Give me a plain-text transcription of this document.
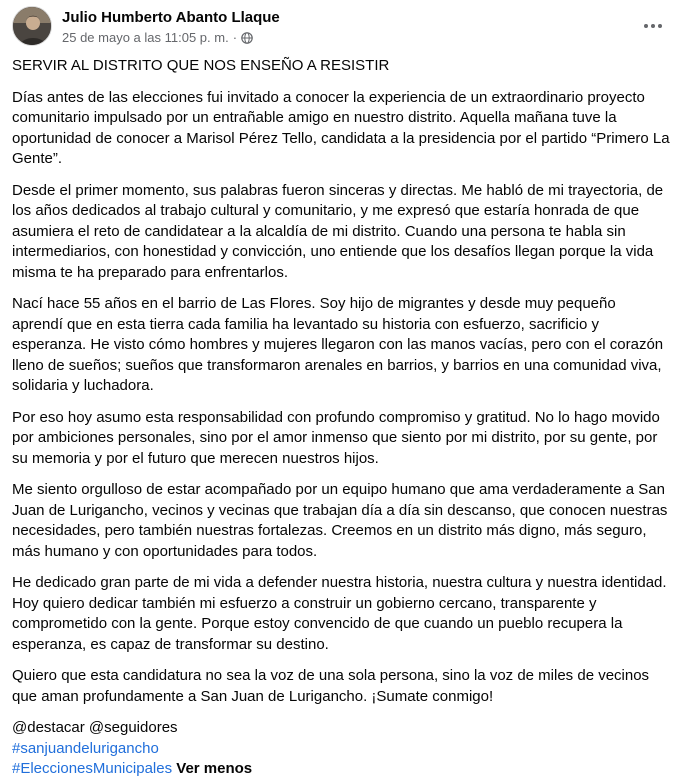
Julio Humberto Abanto Llaque
25 de mayo a las 11:05 p. m. ·

SERVIR AL DISTRITO QUE NOS ENSEÑO A RESISTIR

Días antes de las elecciones fui invitado a conocer la experiencia de un extraordinario proyecto comunitario impulsado por un entrañable amigo en nuestro distrito. Aquella mañana tuve la oportunidad de conocer a Marisol Pérez Tello, candidata a la presidencia por el partido “Primero La Gente”.

Desde el primer momento, sus palabras fueron sinceras y directas. Me habló de mi trayectoria, de los años dedicados al trabajo cultural y comunitario, y me expresó que estaría honrada de que asumiera el reto de candidatear a la alcaldía de mi distrito. Cuando una persona te habla sin intermediarios, con honestidad y convicción, uno entiende que los desafíos llegan porque la vida misma te ha preparado para enfrentarlos.

Nací hace 55 años en el barrio de Las Flores. Soy hijo de migrantes y desde muy pequeño aprendí que en esta tierra cada familia ha levantado su historia con esfuerzo, sacrificio y esperanza. He visto cómo hombres y mujeres llegaron con las manos vacías, pero con el corazón lleno de sueños; sueños que transformaron arenales en barrios, y barrios en una comunidad viva, solidaria y luchadora.

Por eso hoy asumo esta responsabilidad con profundo compromiso y gratitud. No lo hago movido por ambiciones personales, sino por el amor inmenso que siento por mi distrito, por su gente, por su memoria y por el futuro que merecen nuestros hijos.

Me siento orgulloso de estar acompañado por un equipo humano que ama verdaderamente a San Juan de Lurigancho, vecinos y vecinas que trabajan día a día sin descanso, que conocen nuestras necesidades, pero también nuestras fortalezas. Creemos en un distrito más digno, más seguro, más humano y con oportunidades para todos.

He dedicado gran parte de mi vida a defender nuestra historia, nuestra cultura y nuestra identidad. Hoy quiero dedicar también mi esfuerzo a construir un gobierno cercano, transparente y comprometido con la gente. Porque estoy convencido de que cuando un pueblo recupera la esperanza, es capaz de transformar su destino.

Quiero que esta candidatura no sea la voz de una sola persona, sino la voz de miles de vecinos que aman profundamente a San Juan de Lurigancho. ¡Sumate conmigo!

@destacar @seguidores
#sanjuandelurigancho
#EleccionesMunicipales Ver menos
